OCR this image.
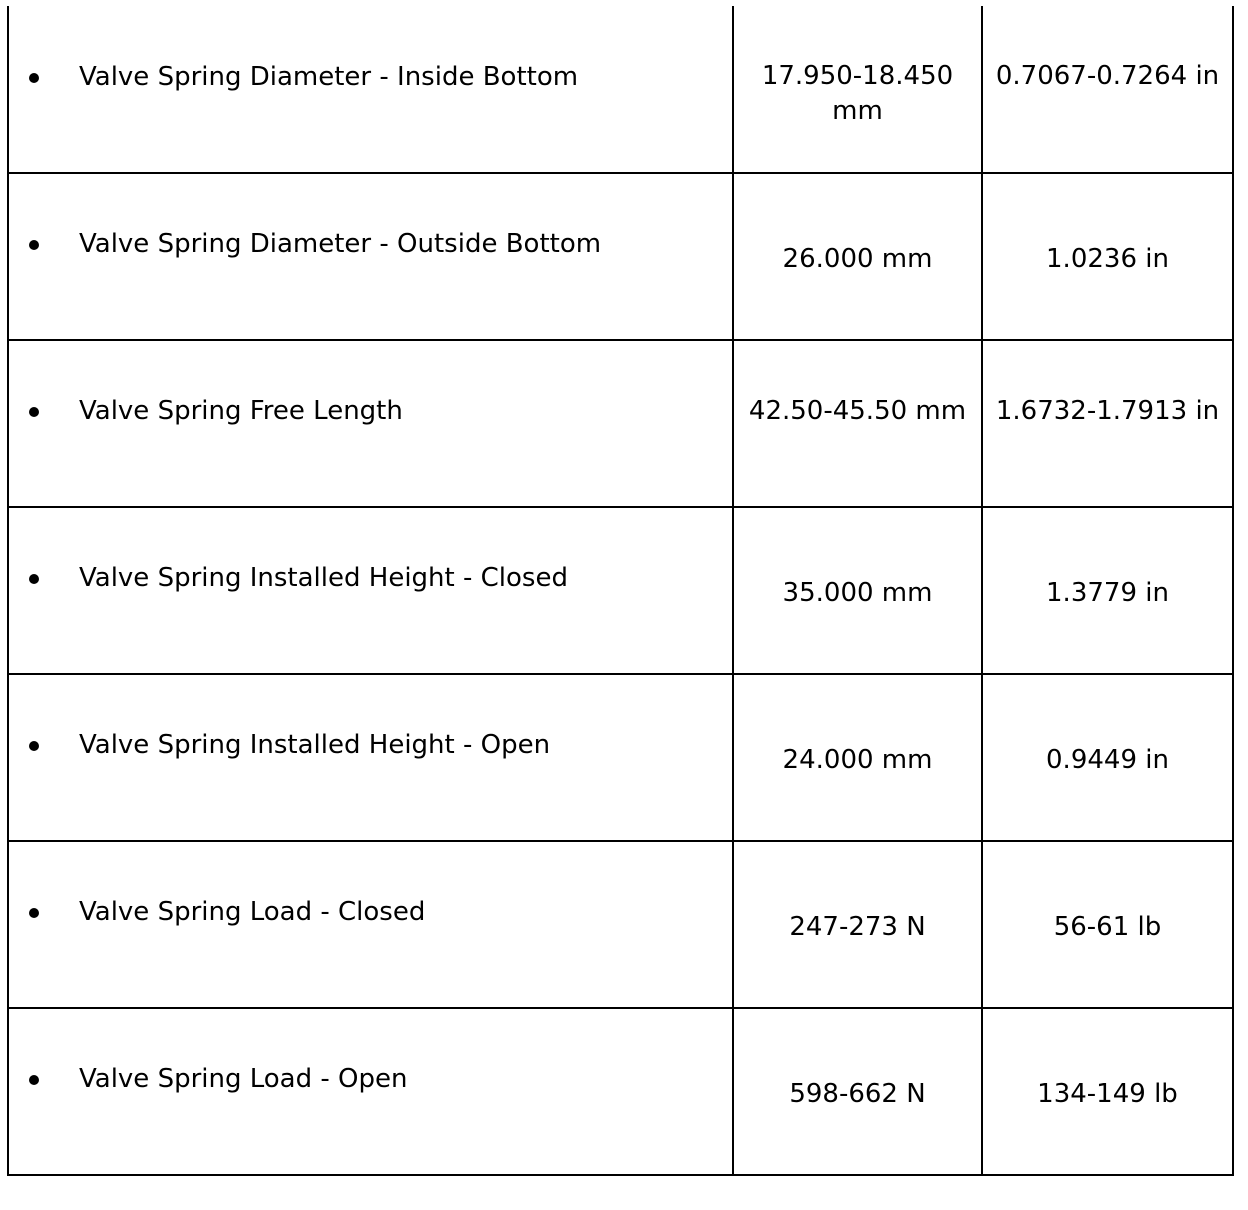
Valve Spring Diameter - Inside Bottom	17.950-18.450 mm	0.7067-0.7264 in

Valve Spring Diameter - Outside Bottom	26.000 mm	1.0236 in

Valve Spring Free Length	42.50-45.50 mm	1.6732-1.7913 in

Valve Spring Installed Height - Closed	35.000 mm	1.3779 in

Valve Spring Installed Height - Open	24.000 mm	0.9449 in

Valve Spring Load - Closed	247-273 N	56-61 lb

Valve Spring Load - Open	598-662 N	134-149 lb
